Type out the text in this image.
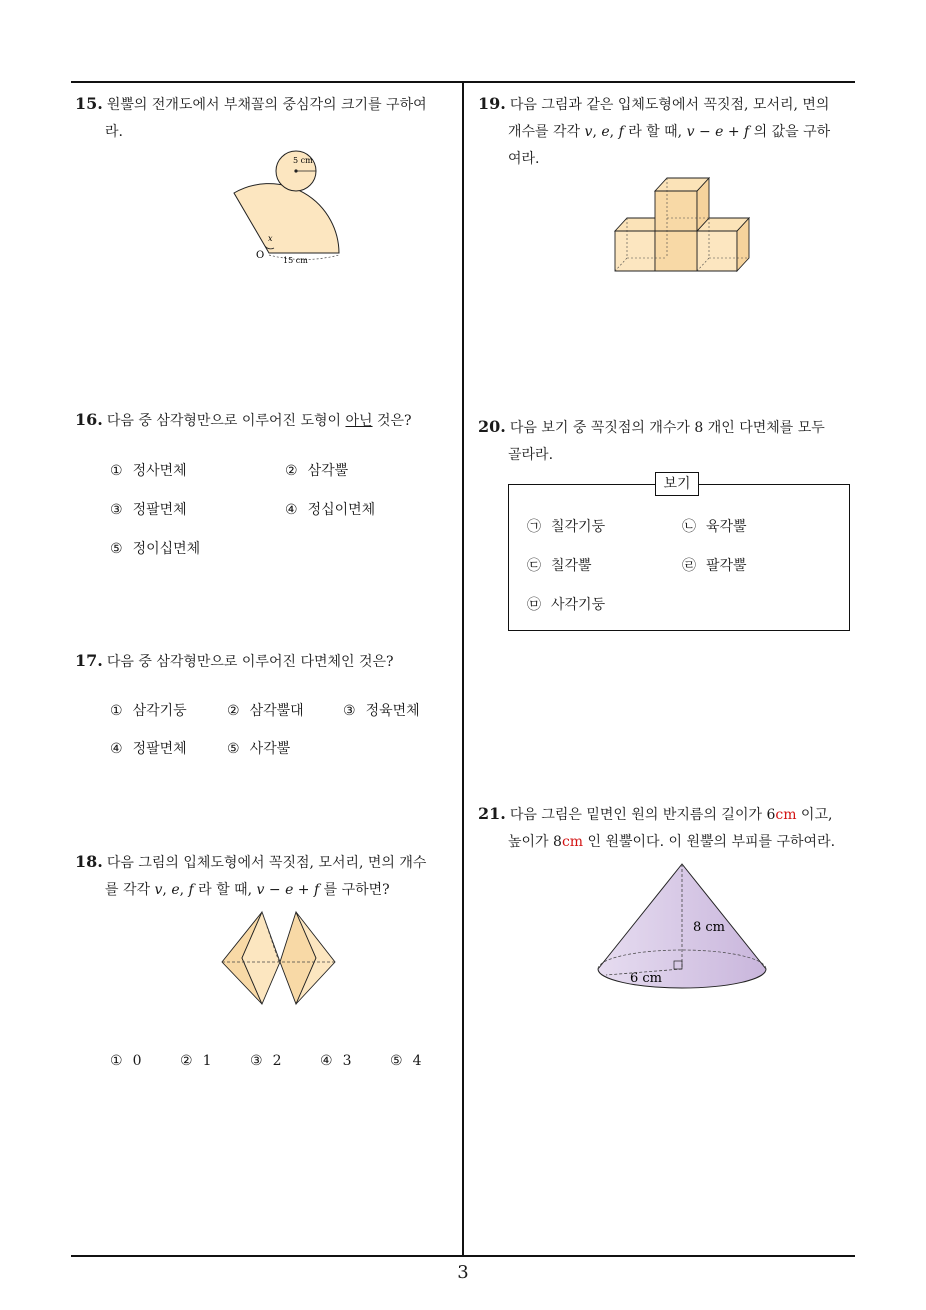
15. 원뿔의 전개도에서 부채꼴의 중심각의 크기를 구하여
라.
5 cm
x
O 15 cm
16. 다음 중 삼각형만으로 이루어진 도형이 아닌 것은?
① 정사면체	② 삼각뿔
③ 정팔면체	④ 정십이면체
⑤ 정이십면체
17. 다음 중 삼각형만으로 이루어진 다면체인 것은?
① 삼각기둥	② 삼각뿔대	③ 정육면체
④ 정팔면체	⑤ 사각뿔
18. 다음 그림의 입체도형에서 꼭짓점, 모서리, 면의 개수
를 각각 v, e, f 라 할 때, v − e + f 를 구하면?
① 0	② 1	③ 2	④ 3	⑤ 4
19. 다음 그림과 같은 입체도형에서 꼭짓점, 모서리, 면의
개수를 각각 v, e, f 라 할 때, v − e + f 의 값을 구하
여라.
20. 다음 보기 중 꼭짓점의 개수가 8 개인 다면체를 모두
골라라.
보기
㉠ 칠각기둥	㉡ 육각뿔
㉢ 칠각뿔	㉣ 팔각뿔
㉤ 사각기둥
21. 다음 그림은 밑면인 원의 반지름의 길이가 6cm 이고,
높이가 8cm 인 원뿔이다. 이 원뿔의 부피를 구하여라.
8 cm
6 cm
3
